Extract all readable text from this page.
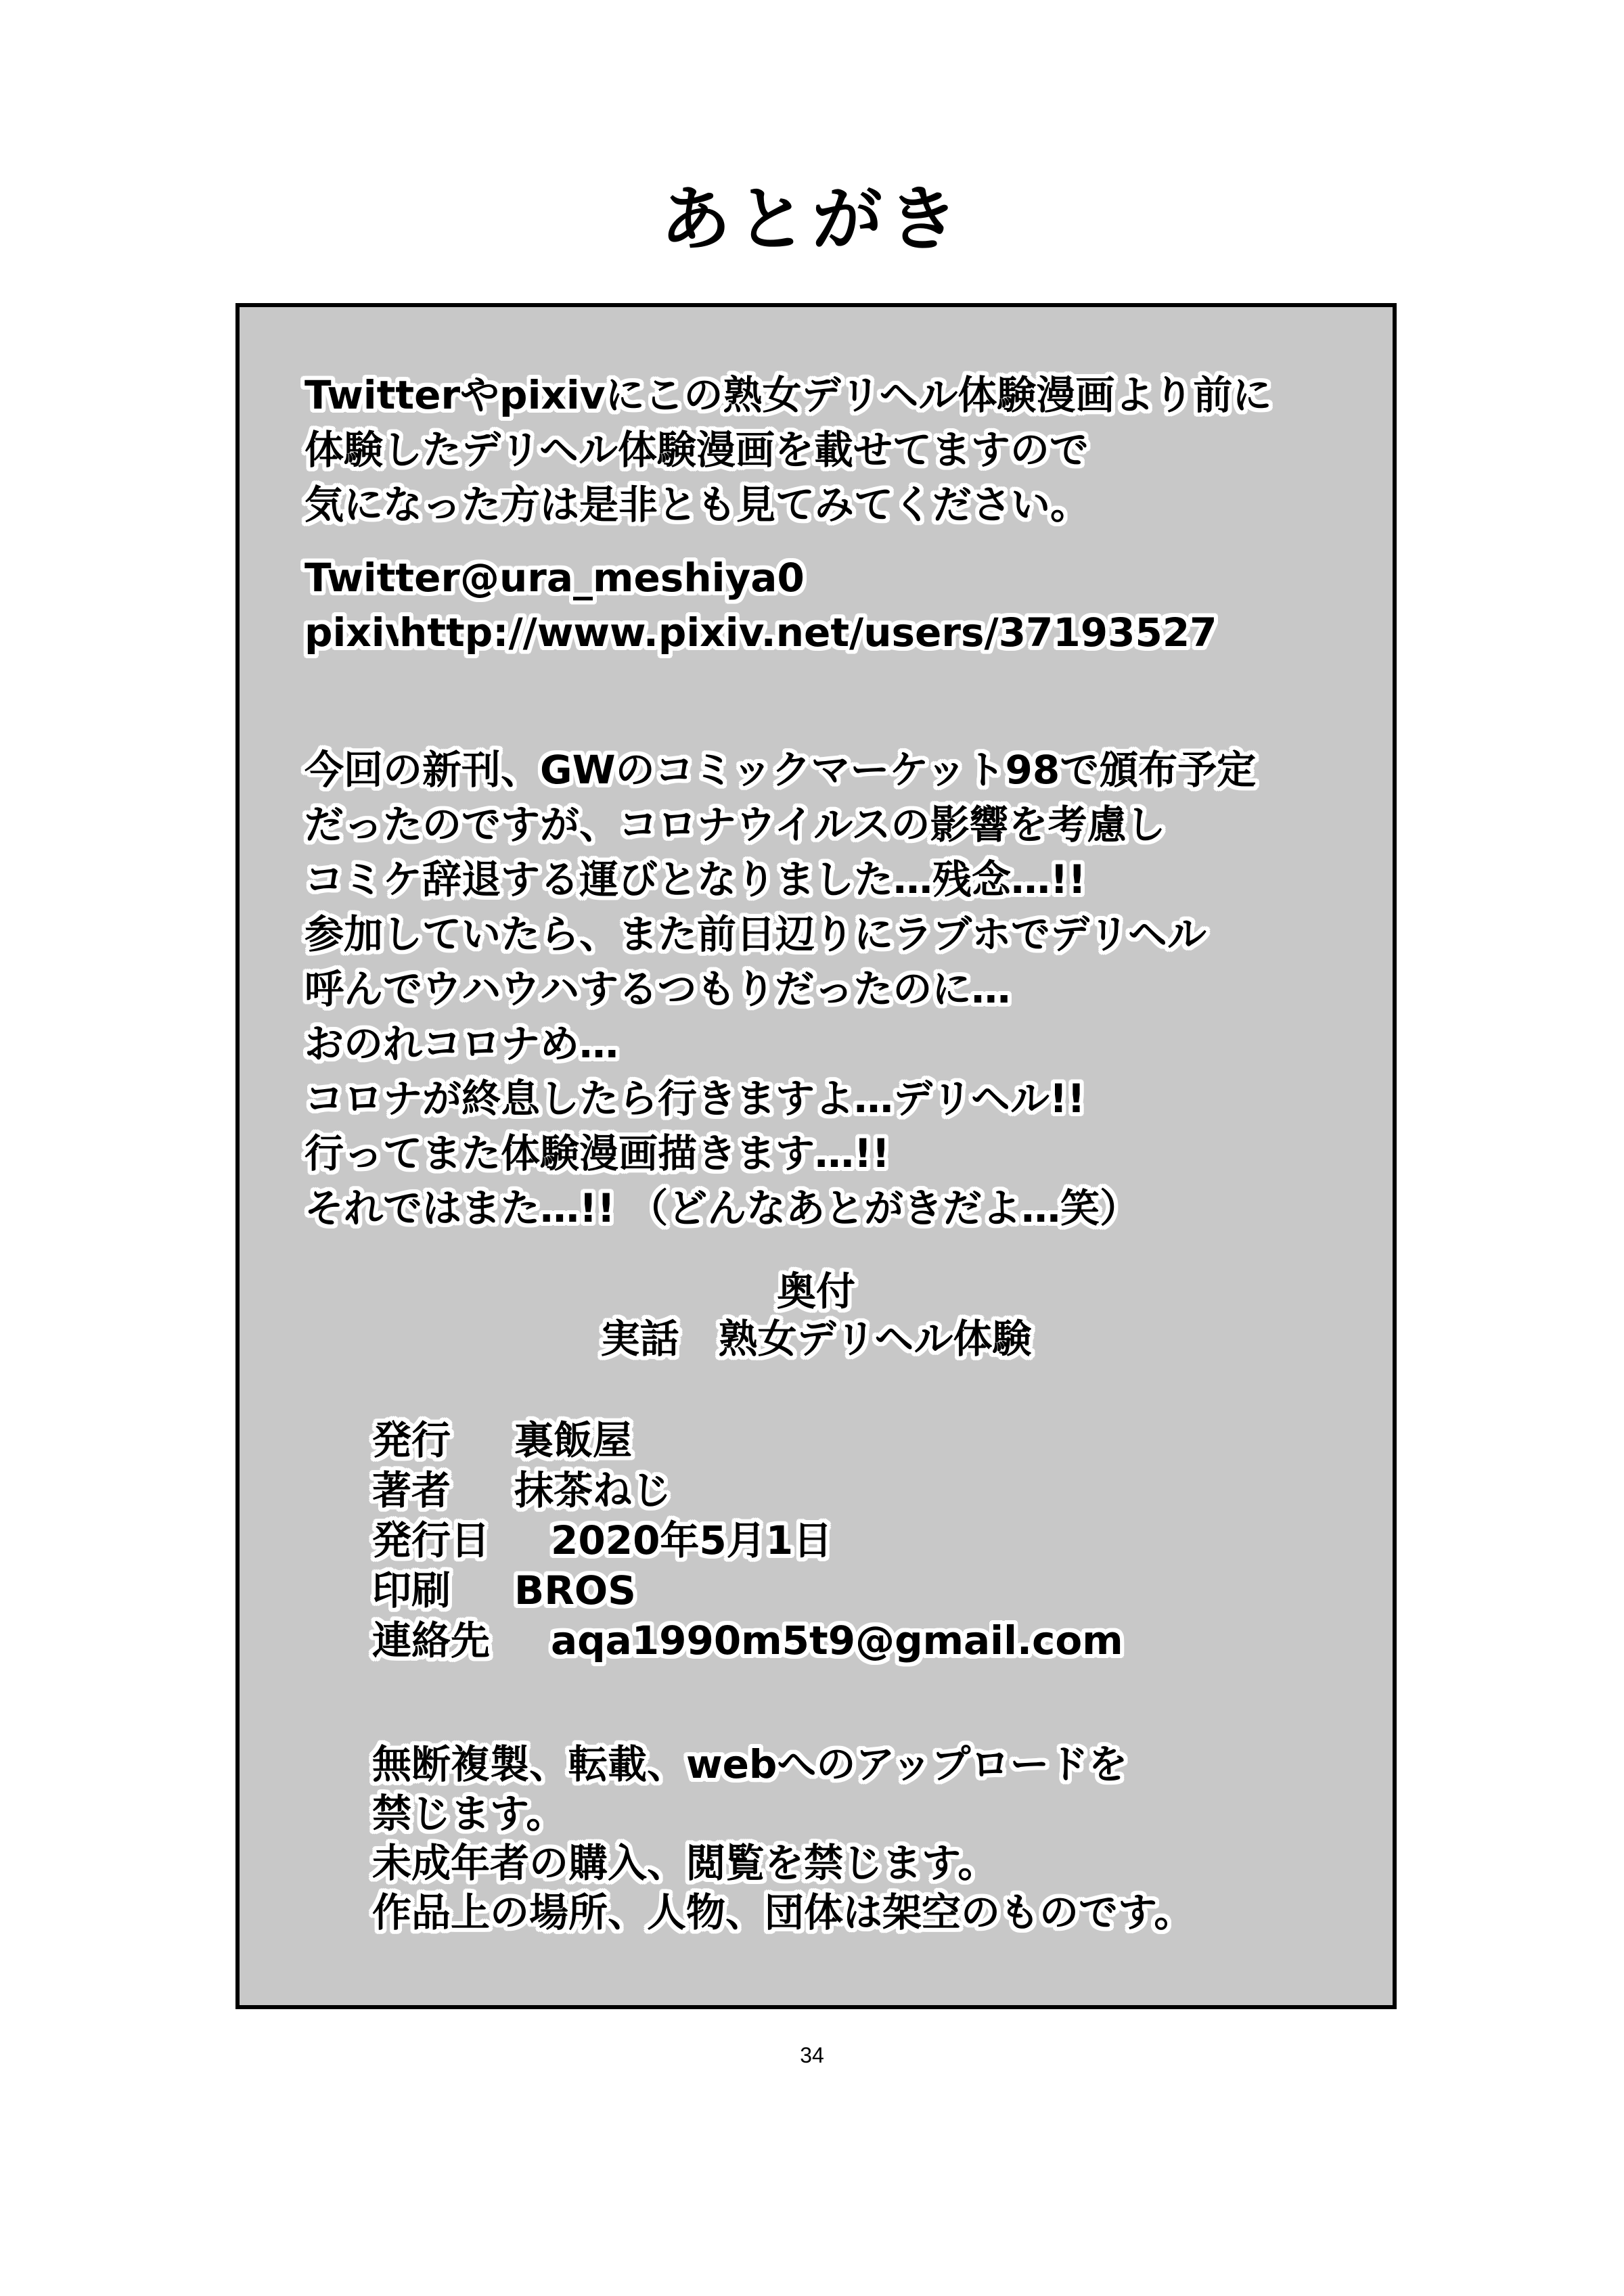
あとがき
Twitterやpixivにこの熟女デリヘル体験漫画より前に
体験したデリヘル体験漫画を載せてますので
気になった方は是非とも見てみてください。
Twitter@ura_meshiya0
pixivhttp://www.pixiv.net/users/37193527
今回の新刊、GWのコミックマーケット98で頒布予定
だったのですが、コロナウイルスの影響を考慮し
コミケ辞退する運びとなりました…残念…!!
参加していたら、また前日辺りにラブホでデリヘル
呼んでウハウハするつもりだったのに…
おのれコロナめ…
コロナが終息したら行きますよ…デリヘル!!
行ってまた体験漫画描きます…!!
それではまた…!! （どんなあとがきだよ…笑）
奥付
実話　熟女デリヘル体験
発行 裏飯屋
著者 抹茶ねじ
発行日 2020年5月1日
印刷 BROS
連絡先 aqa1990m5t9@gmail.com
無断複製、転載、webへのアップロードを
禁じます。
未成年者の購入、閲覧を禁じます。
作品上の場所、人物、団体は架空のものです。
34
